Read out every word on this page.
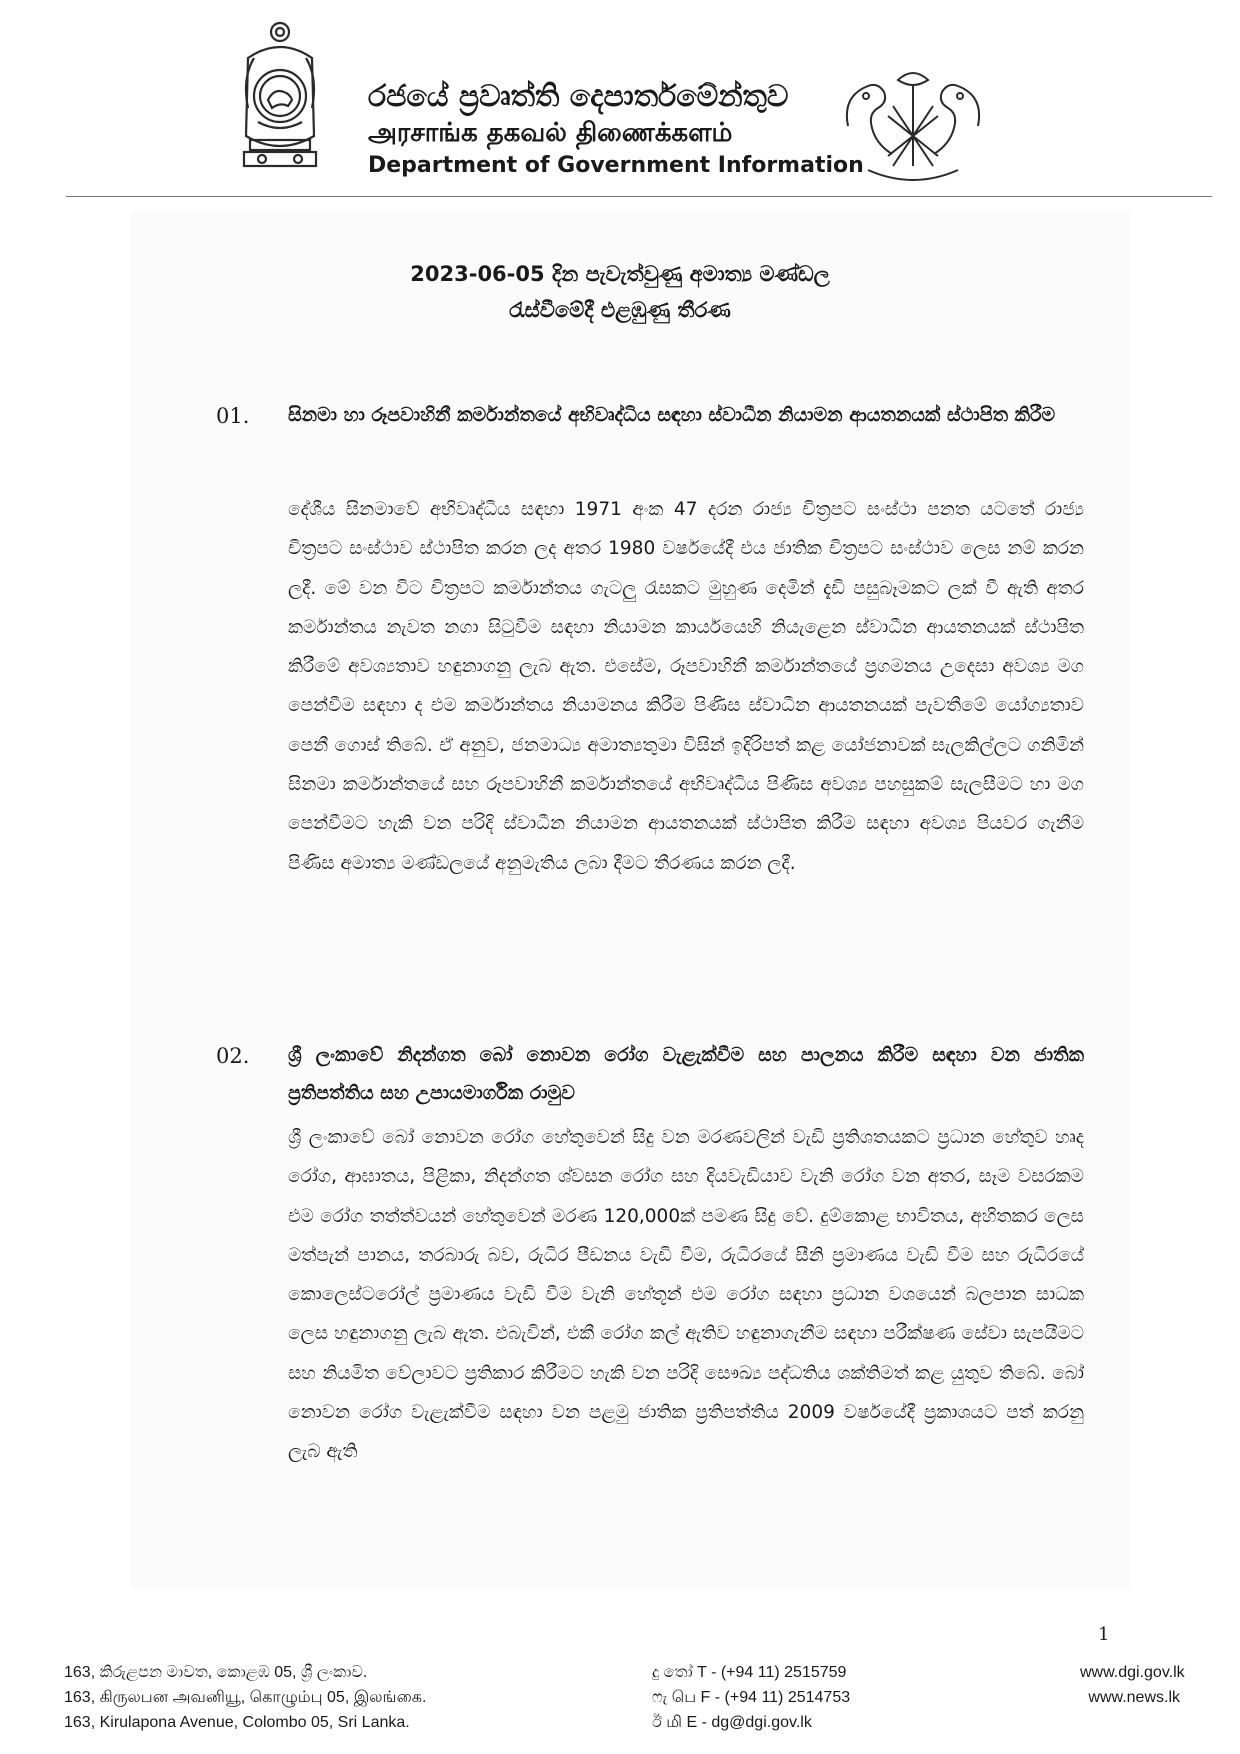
රජයේ ප්‍රවෘත්ති දෙපාර්තමේන්තුව
அரசாங்க தகவல் திணைக்களம்
Department of Government Information
2023-06-05 දින පැවැත්වුණු අමාත්‍ය මණ්ඩල
රැස්වීමේදී එළඹුණු තීරණ
01. සිනමා හා රූපවාහිනී කර්මාන්තයේ අභිවෘද්ධිය සඳහා ස්වාධීන නියාමන ආයතනයක් ස්ථාපිත කිරීම
දේශීය සිනමාවේ අභිවෘද්ධිය සඳහා 1971 අංක 47 දරන රාජ්‍ය චිත්‍රපට සංස්ථා පනත යටතේ රාජ්‍ය චිත්‍රපට සංස්ථාව ස්ථාපිත කරන ලද අතර 1980 වර්ෂයේදී එය ජාතික චිත්‍රපට සංස්ථාව ලෙස නම් කරන ලදී. මේ වන විට චිත්‍රපට කර්මාන්තය ගැටලු රැසකට මුහුණ දෙමින් දැඩි පසුබෑමකට ලක් වී ඇති අතර කර්මාන්තය නැවත නගා සිටුවීම සඳහා නියාමන කාර්යයෙහි නියැළෙන ස්වාධීන ආයතනයක් ස්ථාපිත කිරීමේ අවශ්‍යතාව හඳුනාගනු ලැබ ඇත. එසේම, රූපවාහිනී කර්මාන්තයේ ප්‍රගමනය උදෙසා අවශ්‍ය මග පෙන්වීම සඳහා ද එම කර්මාන්තය නියාමනය කිරීම පිණිස ස්වාධීන ආයතනයක් පැවතීමේ යෝග්‍යතාව පෙනී ගොස් තිබේ. ඒ අනුව, ජනමාධ්‍ය අමාත්‍යතුමා විසින් ඉදිරිපත් කළ යෝජනාවක් සැලකිල්ලට ගනිමින් සිනමා කර්මාන්තයේ සහ රූපවාහිනී කර්මාන්තයේ අභිවෘද්ධිය පිණිස අවශ්‍ය පහසුකම් සැලසීමට හා මග පෙන්වීමට හැකි වන පරිදි ස්වාධීන නියාමන ආයතනයක් ස්ථාපිත කිරීම සඳහා අවශ්‍ය පියවර ගැනීම පිණිස අමාත්‍ය මණ්ඩලයේ අනුමැතිය ලබා දීමට තීරණය කරන ලදී.
02. ශ්‍රී ලංකාවේ නිදන්ගත බෝ නොවන රෝග වැළැක්වීම සහ පාලනය කිරීම සඳහා වන ජාතික ප්‍රතිපත්තිය සහ උපායමාර්ගික රාමුව
ශ්‍රී ලංකාවේ බෝ නොවන රෝග හේතුවෙන් සිදු වන මරණවලින් වැඩි ප්‍රතිශතයකට ප්‍රධාන හේතුව හෘද රෝග, ආඝාතය, පිළිකා, නිදන්ගත ශ්වසන රෝග සහ දියවැඩියාව වැනි රෝග වන අතර, සෑම වසරකම එම රෝග තත්ත්වයන් හේතුවෙන් මරණ 120,000ක් පමණ සිදු වේ. දුම්කොළ භාවිතය, අහිතකර ලෙස මත්පැන් පානය, තරබාරු බව, රුධිර පීඩනය වැඩි වීම, රුධිරයේ සීනි ප්‍රමාණය වැඩි වීම සහ රුධිරයේ කොලෙස්ටරෝල් ප්‍රමාණය වැඩි වීම වැනි හේතූන් එම රෝග සඳහා ප්‍රධාන වශයෙන් බලපාන සාධක ලෙස හඳුනාගනු ලැබ ඇත. එබැවින්, එකී රෝග කල් ඇතිව හඳුනාගැනීම සඳහා පරීක්ෂණ සේවා සැපයීමට සහ නියමිත වේලාවට ප්‍රතිකාර කිරීමට හැකි වන පරිදි සෞඛ්‍ය පද්ධතිය ශක්තිමත් කළ යුතුව තිබේ. බෝ නොවන රෝග වැළැක්වීම සඳහා වන පළමු ජාතික ප්‍රතිපත්තිය 2009 වර්ෂයේදී ප්‍රකාශයට පත් කරනු ලැබ ඇති
1
163, කිරුළපන මාවත, කොළඹ 05, ශ්‍රී ලංකාව.
163, கிருலபன அவனியூ, கொழும்பு 05, இலங்கை.
163, Kirulapona Avenue, Colombo 05, Sri Lanka.
දු තෝ T - (+94 11) 2515759
ෆැ பெ F - (+94 11) 2514753
ඊ மி E - dg@dgi.gov.lk
www.dgi.gov.lk
www.news.lk
